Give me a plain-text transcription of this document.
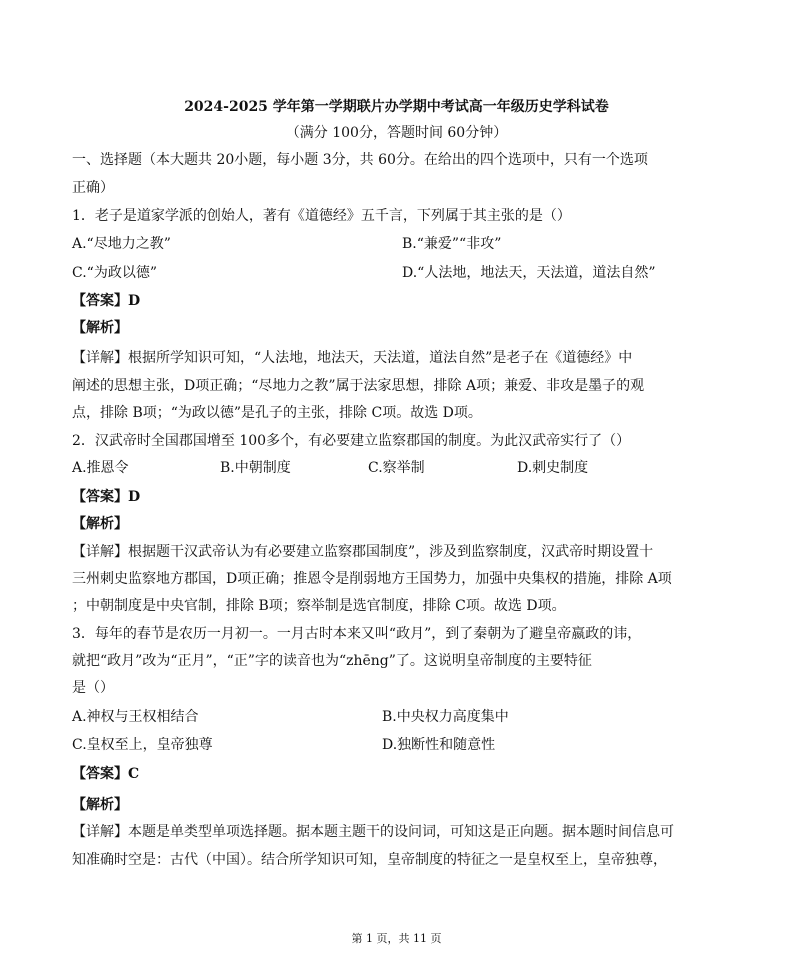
2024-2025 学年第一学期联片办学期中考试高一年级历史学科试卷
（满分 100分，答题时间 60分钟）
一、选择题（本大题共 20小题，每小题 3分，共 60分。在给出的四个选项中，只有一个选项
正确）
1．老子是道家学派的创始人，著有《道德经》五千言，下列属于其主张的是（）
A.“尽地力之教”	B.“兼爱”“非攻”
C.“为政以德”	D.“人法地，地法天，天法道，道法自然”
【答案】D
【解析】
【详解】根据所学知识可知，“人法地，地法天，天法道，道法自然”是老子在《道德经》中
阐述的思想主张，D项正确；“尽地力之教”属于法家思想，排除 A项；兼爱、非攻是墨子的观
点，排除 B项；“为政以德”是孔子的主张，排除 C项。故选 D项。
2．汉武帝时全国郡国增至 100多个，有必要建立监察郡国的制度。为此汉武帝实行了（）
A.推恩令	B.中朝制度	C.察举制	D.刺史制度
【答案】D
【解析】
【详解】根据题干汉武帝认为有必要建立监察郡国制度”，涉及到监察制度，汉武帝时期设置十
三州刺史监察地方郡国，D项正确；推恩令是削弱地方王国势力，加强中央集权的措施，排除 A项
；中朝制度是中央官制，排除 B项；察举制是选官制度，排除 C项。故选 D项。
3．每年的春节是农历一月初一。一月古时本来又叫“政月”，到了秦朝为了避皇帝嬴政的讳，
就把“政月”改为“正月”，“正”字的读音也为“zhēng”了。这说明皇帝制度的主要特征
是（）
A.神权与王权相结合	B.中央权力高度集中
C.皇权至上，皇帝独尊	D.独断性和随意性
【答案】C
【解析】
【详解】本题是单类型单项选择题。据本题主题干的设问词，可知这是正向题。据本题时间信息可
知准确时空是：古代（中国）。结合所学知识可知，皇帝制度的特征之一是皇权至上，皇帝独尊，
第 1 页，共 11 页
